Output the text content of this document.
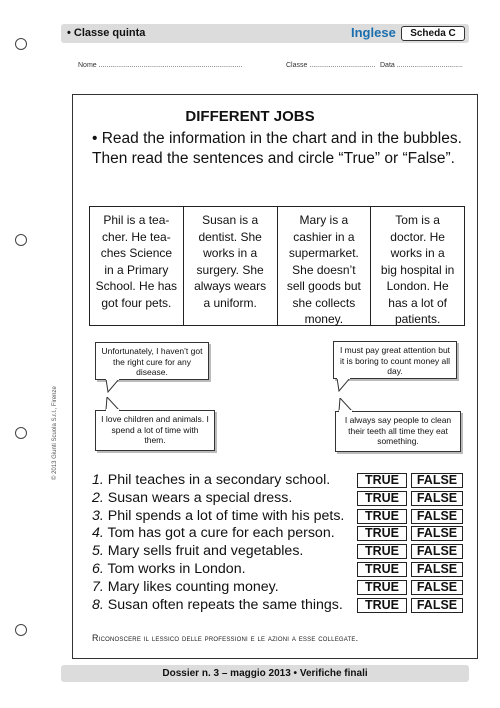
• Classe quinta	Inglese	Scheda C
Nome ..........................................................................	Classe .................................. Data ..................................
© 2013 Giunti Scuola S.r.l., Firenze
DIFFERENT JOBS
• Read the information in the chart and in the bubbles. Then read the sentences and circle “True” or “False”.
Phil is a tea-
cher. He tea-
ches Science
in a Primary
School. He has
got four pets.
Susan is a
dentist. She
works in a
surgery. She
always wears
a uniform.
Mary is a
cashier in a
supermarket.
She doesn’t
sell goods but
she collects
money.
Tom is a
doctor. He
works in a
big hospital in
London. He
has a lot of
patients.
Unfortunately, I haven’t got the right cure for any disease.
I must pay great attention but it is boring to count money all day.
I love children and animals. I spend a lot of time with them.
I always say people to clean their teeth all time they eat something.
1. Phil teaches in a secondary school.	TRUE	FALSE
2. Susan wears a special dress.	TRUE	FALSE
3. Phil spends a lot of time with his pets.	TRUE	FALSE
4. Tom has got a cure for each person.	TRUE	FALSE
5. Mary sells fruit and vegetables.	TRUE	FALSE
6. Tom works in London.	TRUE	FALSE
7. Mary likes counting money.	TRUE	FALSE
8. Susan often repeats the same things.	TRUE	FALSE
Riconoscere il lessico delle professioni e le azioni a esse collegate.
Dossier n. 3 – maggio 2013 • Verifiche finali
